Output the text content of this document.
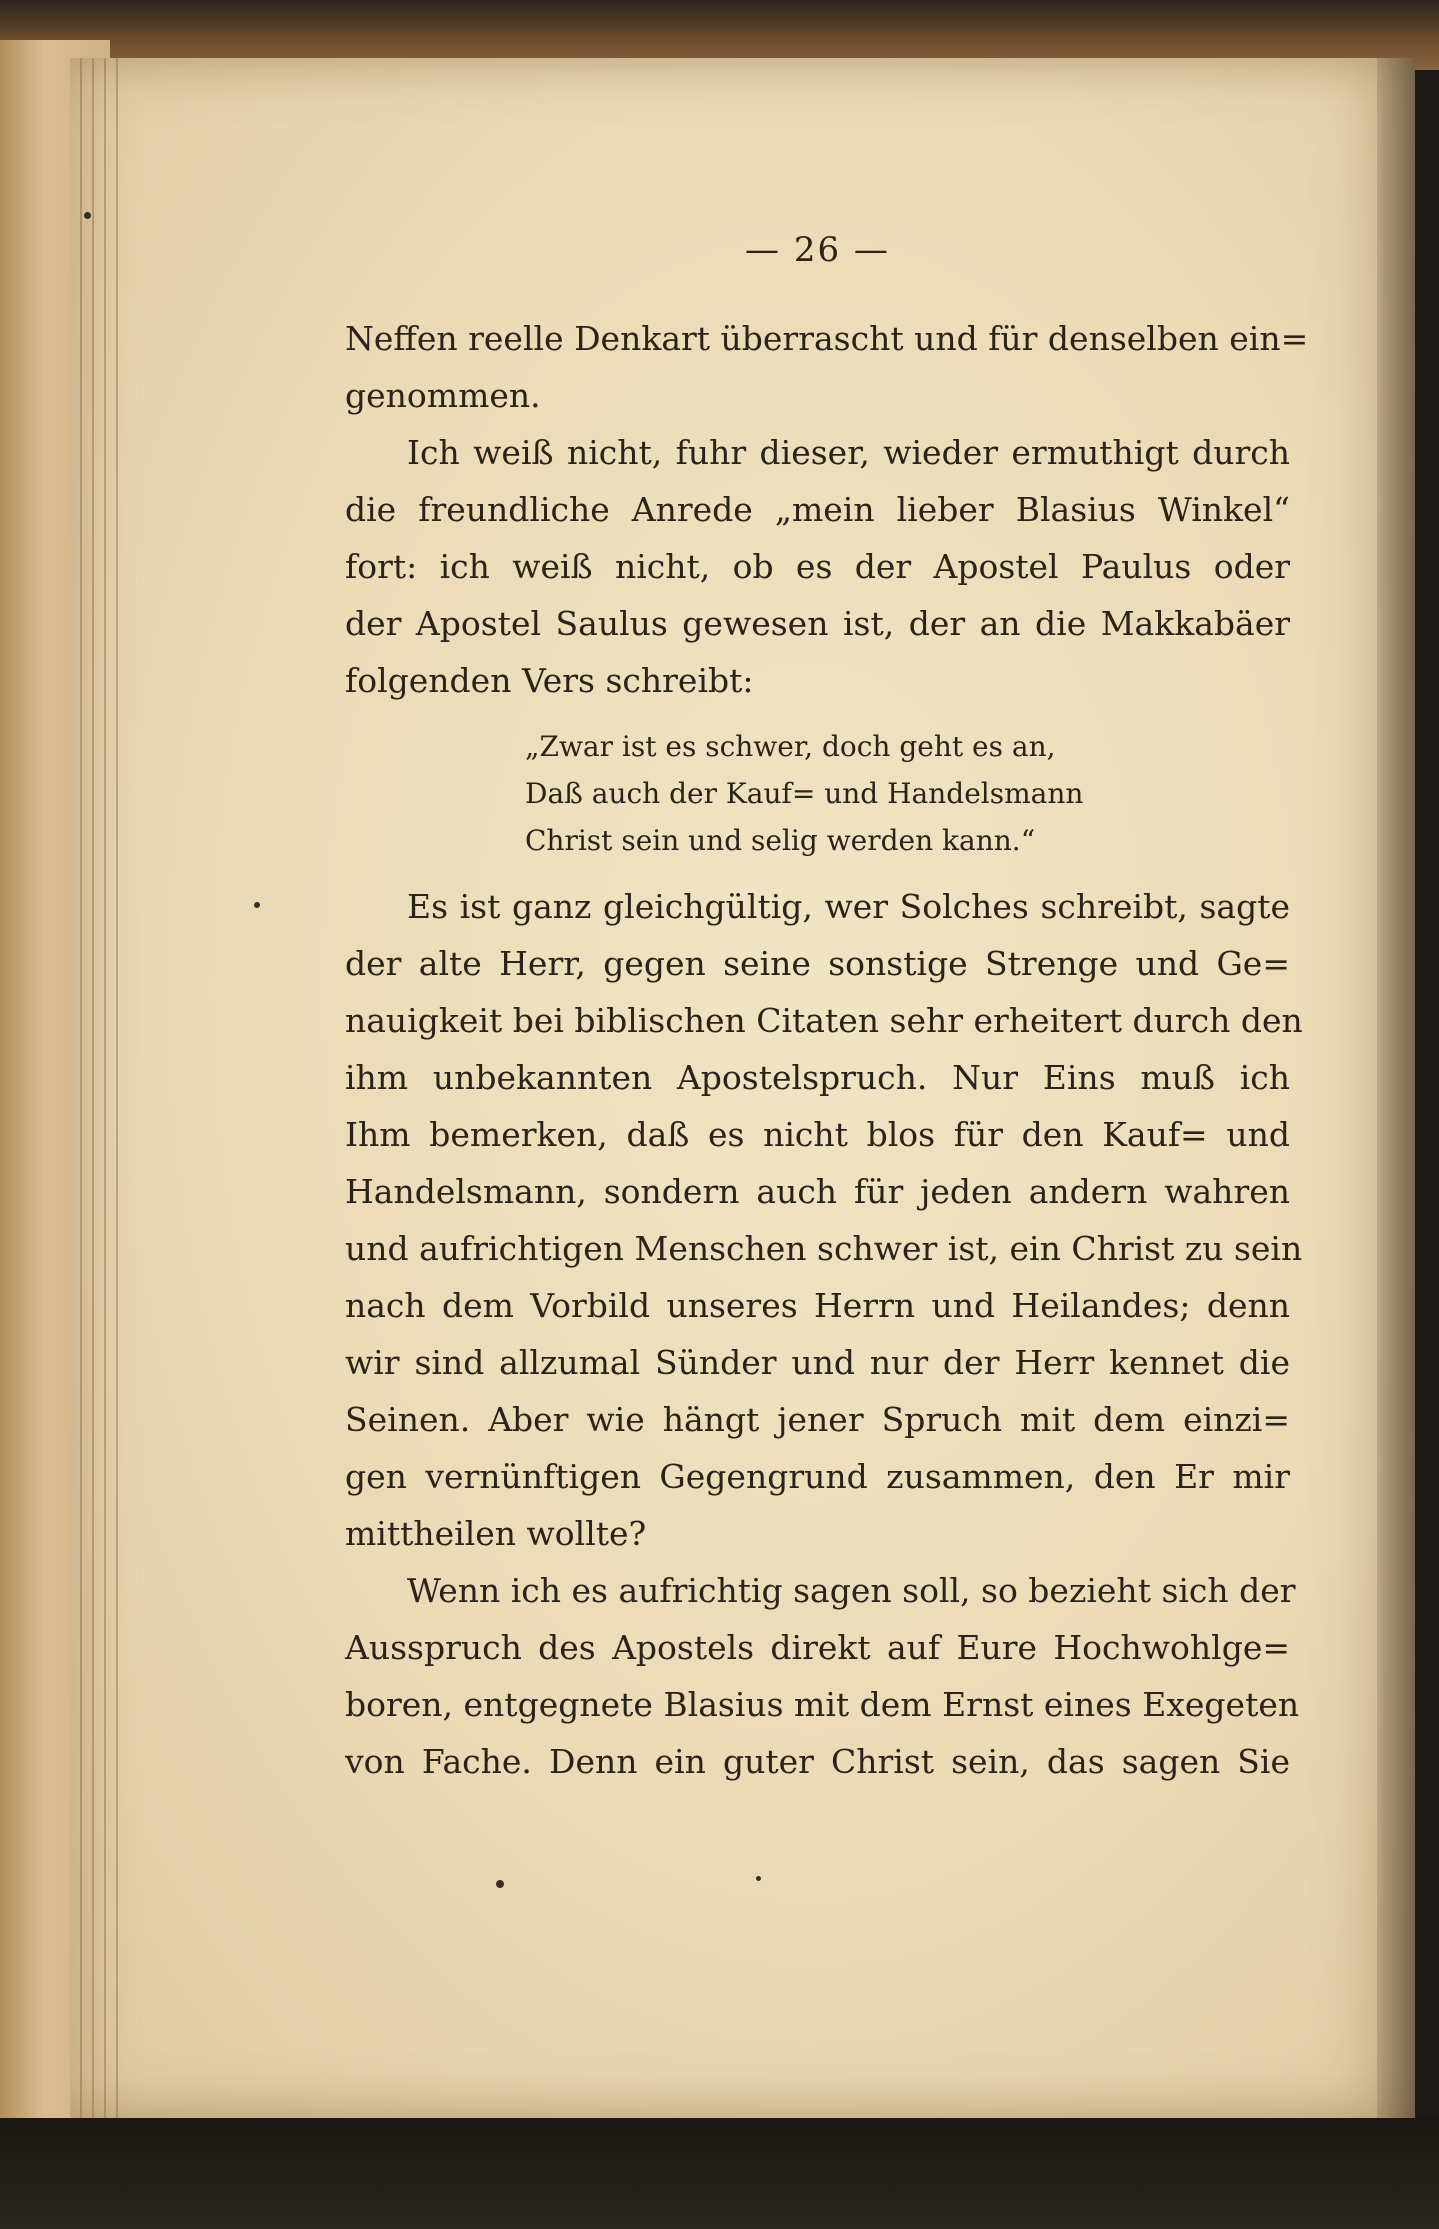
— 26 —
Neffen reelle Denkart überrascht und für denselben ein=
genommen.
Ich weiß nicht, fuhr dieser, wieder ermuthigt durch
die freundliche Anrede „mein lieber Blasius Winkel“
fort: ich weiß nicht, ob es der Apostel Paulus oder
der Apostel Saulus gewesen ist, der an die Makkabäer
folgenden Vers schreibt:
„Zwar ist es schwer, doch geht es an,
Daß auch der Kauf= und Handelsmann
Christ sein und selig werden kann.“
Es ist ganz gleichgültig, wer Solches schreibt, sagte
der alte Herr, gegen seine sonstige Strenge und Ge=
nauigkeit bei biblischen Citaten sehr erheitert durch den
ihm unbekannten Apostelspruch. Nur Eins muß ich
Ihm bemerken, daß es nicht blos für den Kauf= und
Handelsmann, sondern auch für jeden andern wahren
und aufrichtigen Menschen schwer ist, ein Christ zu sein
nach dem Vorbild unseres Herrn und Heilandes; denn
wir sind allzumal Sünder und nur der Herr kennet die
Seinen. Aber wie hängt jener Spruch mit dem einzi=
gen vernünftigen Gegengrund zusammen, den Er mir
mittheilen wollte?
Wenn ich es aufrichtig sagen soll, so bezieht sich der
Ausspruch des Apostels direkt auf Eure Hochwohlge=
boren, entgegnete Blasius mit dem Ernst eines Exegeten
von Fache. Denn ein guter Christ sein, das sagen Sie
